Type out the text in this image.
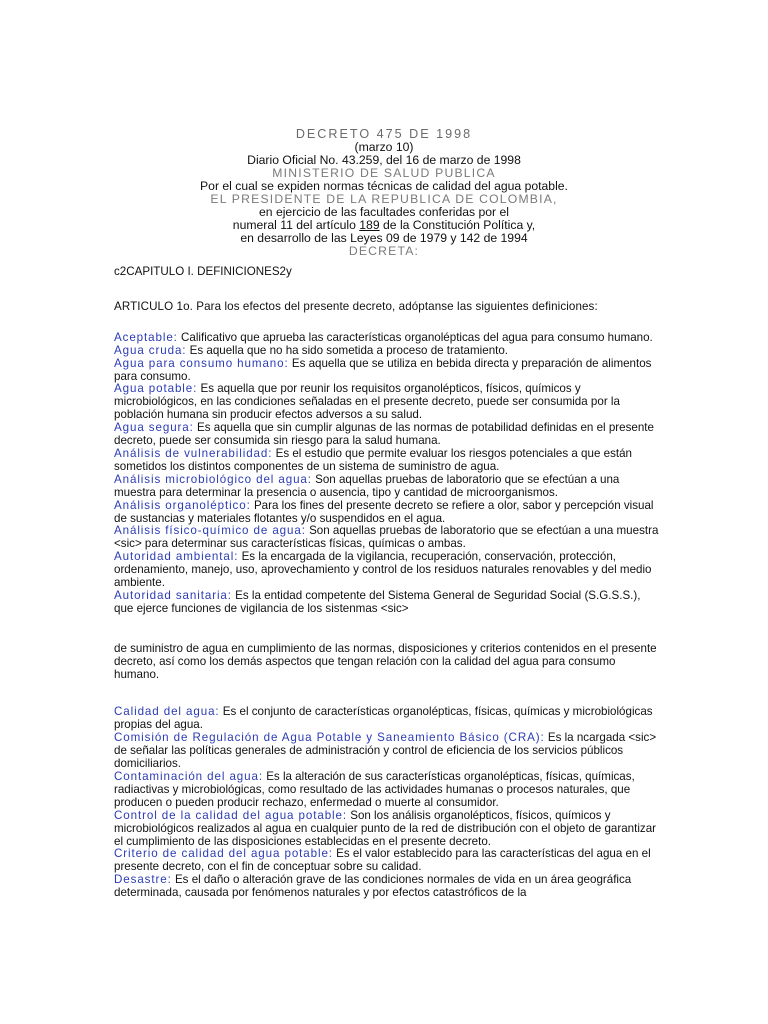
DECRETO 475 DE 1998
(marzo 10)
Diario Oficial No. 43.259, del 16 de marzo de 1998
MINISTERIO DE SALUD PUBLICA
Por el cual se expiden normas técnicas de calidad del agua potable.
EL PRESIDENTE DE LA REPUBLICA DE COLOMBIA,
en ejercicio de las facultades conferidas por el
numeral 11 del artículo 189 de la Constitución Política y,
en desarrollo de las Leyes 09 de 1979 y 142 de 1994
DECRETA:
c2CAPITULO I. DEFINICIONES2y
ARTICULO 1o. Para los efectos del presente decreto, adóptanse las siguientes definiciones:

Aceptable: Calificativo que aprueba las características organolépticas del agua para consumo humano.

Agua cruda: Es aquella que no ha sido sometida a proceso de tratamiento.

Agua para consumo humano: Es aquella que se utiliza en bebida directa y preparación de alimentos para consumo.

Agua potable: Es aquella que por reunir los requisitos organolépticos, físicos, químicos y microbiológicos, en las condiciones señaladas en el presente decreto, puede ser consumida por la población humana sin producir efectos adversos a su salud.

Agua segura: Es aquella que sin cumplir algunas de las normas de potabilidad definidas en el presente decreto, puede ser consumida sin riesgo para la salud humana.

Análisis de vulnerabilidad: Es el estudio que permite evaluar los riesgos potenciales a que están sometidos los distintos componentes de un sistema de suministro de agua.

Análisis microbiológico del agua: Son aquellas pruebas de laboratorio que se efectúan a una muestra para determinar la presencia o ausencia, tipo y cantidad de microorganismos.

Análisis organoléptico: Para los fines del presente decreto se refiere a olor, sabor y percepción visual de sustancias y materiales flotantes y/o suspendidos en el agua.

Análisis físico-químico de agua: Son aquellas pruebas de laboratorio que se efectúan a una muestra <sic> para determinar sus características físicas, químicas o ambas.

Autoridad ambiental: Es la encargada de la vigilancia, recuperación, conservación, protección, ordenamiento, manejo, uso, aprovechamiento y control de los residuos naturales renovables y del medio ambiente.

Autoridad sanitaria: Es la entidad competente del Sistema General de Seguridad Social (S.G.S.S.), que ejerce funciones de vigilancia de los sistenmas <sic>

de suministro de agua en cumplimiento de las normas, disposiciones y criterios contenidos en el presente decreto, así como los demás aspectos que tengan relación con la calidad del agua para consumo humano.

Calidad del agua: Es el conjunto de características organolépticas, físicas, químicas y microbiológicas propias del agua.

Comisión de Regulación de Agua Potable y Saneamiento Básico (CRA): Es la ncargada <sic> de señalar las políticas generales de administración y control de eficiencia de los servicios públicos domiciliarios.

Contaminación del agua: Es la alteración de sus características organolépticas, físicas, químicas, radiactivas y microbiológicas, como resultado de las actividades humanas o procesos naturales, que producen o pueden producir rechazo, enfermedad o muerte al consumidor.

Control de la calidad del agua potable: Son los análisis organolépticos, físicos, químicos y microbiológicos realizados al agua en cualquier punto de la red de distribución con el objeto de garantizar el cumplimiento de las disposiciones establecidas en el presente decreto.

Criterio de calidad del agua potable: Es el valor establecido para las características del agua en el presente decreto, con el fin de conceptuar sobre su calidad.

Desastre: Es el daño o alteración grave de las condiciones normales de vida en un área geográfica determinada, causada por fenómenos naturales y por efectos catastróficos de la
